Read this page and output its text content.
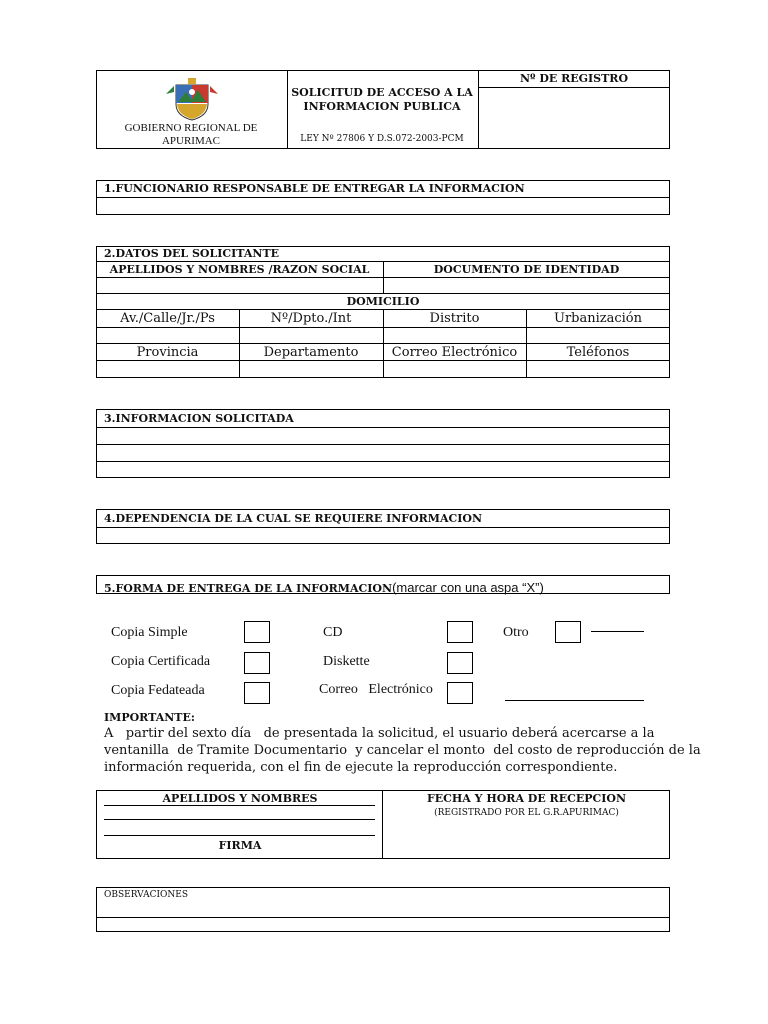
GOBIERNO REGIONAL DE APURIMAC
SOLICITUD DE ACCESO A LA INFORMACION PUBLICA
LEY Nº 27806 Y D.S.072-2003-PCM
Nº DE REGISTRO
1.FUNCIONARIO RESPONSABLE DE ENTREGAR LA INFORMACION
2.DATOS DEL SOLICITANTE
APELLIDOS Y NOMBRES /RAZON SOCIAL	DOCUMENTO DE IDENTIDAD
DOMICILIO
Av./Calle/Jr./Ps	Nº/Dpto./Int	Distrito	Urbanización
Provincia	Departamento	Correo Electrónico	Teléfonos
3.INFORMACION SOLICITADA
4.DEPENDENCIA DE LA CUAL SE REQUIERE INFORMACION
5.FORMA DE ENTREGA DE LA INFORMACION(marcar con una aspa “X”)
Copia Simple	CD	Otro
Copia Certificada	Diskette
Copia Fedateada	Correo   Electrónico
IMPORTANTE:
A   partir del sexto día   de presentada la solicitud, el usuario deberá acercarse a la
ventanilla  de Tramite Documentario  y cancelar el monto  del costo de reproducción de la
información requerida, con el fin de ejecute la reproducción correspondiente.
APELLIDOS Y NOMBRES
FIRMA
FECHA Y HORA DE RECEPCION
(REGISTRADO POR EL G.R.APURIMAC)
OBSERVACIONES
